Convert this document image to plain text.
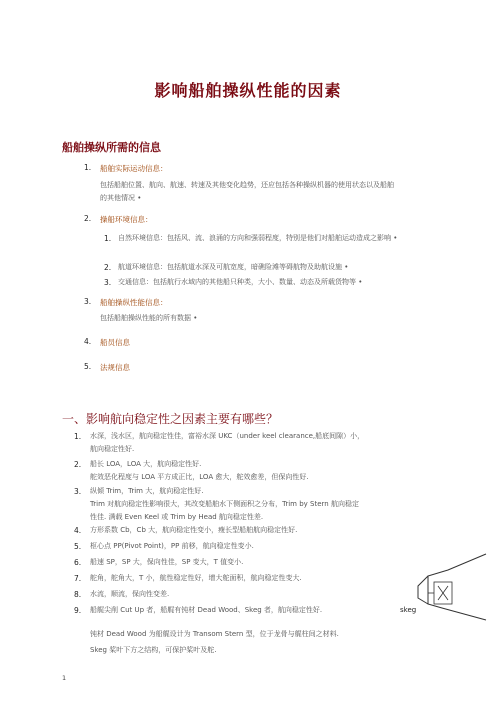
影响船舶操纵性能的因素
船舶操纵所需的信息
1. 船舶实际运动信息：
包括船舶位置、航向、航速、转速及其他变化趋势，还应包括各种操纵机器的使用状态以及船舶的其他情况 •
2. 操船环境信息：
1. 自然环境信息：包括风、流、浪涌的方向和强弱程度，特别是他们对船舶运动造成之影响 •
2. 航道环境信息：包括航道水深及可航宽度，暗礁险滩等碍航物及助航设施 •
3. 交通信息：包括航行水域内的其他船只种类，大小、数量、动态及所载货物等 •
3. 船舶操纵性能信息：
包括船舶操纵性能的所有数据 •
4. 船员信息
5. 法规信息
一、影响航向稳定性之因素主要有哪些？
1. 水深，浅水区，航向稳定性佳，富裕水深 UKC（under keel clearance,船底间隙）小，
航向稳定性好.
2. 船长 LOA，LOA 大，航向稳定性好.
舵效恶化程度与 LOA 平方成正比，LOA 愈大，舵效愈差，但保向性好.
3. 纵倾 Trim，Trim 大，航向稳定性好.
Trim 对航向稳定性影响很大，其改变船舶水下侧面积之分布，Trim by Stern 航向稳定
性佳. 满载 Even Keel 或 Trim by Head 航向稳定性差.
4. 方形系数 Cb，Cb 大，航向稳定性变小，瘦长型船舶航向稳定性好.
5. 枢心点 PP(Pivot Point)，PP 前移，航向稳定性变小.
6. 船速 SP，SP 大，保向性佳，SP 变大，T 值变小.
7. 舵角，舵角大，T 小，航性稳定性好，增大舵面积，航向稳定性变大.
8. 水流，顺流，保向性变差.
9. 船艉尖削 Cut Up 者，船艉有钝材 Dead Wood、Skeg 者，航向稳定性好.	skeg
钝材 Dead Wood 为船艉设计为 Transom Stern 型，位于龙骨与艉柱间之材料.
Skeg 桨叶下方之结构，可保护桨叶及舵.
1
